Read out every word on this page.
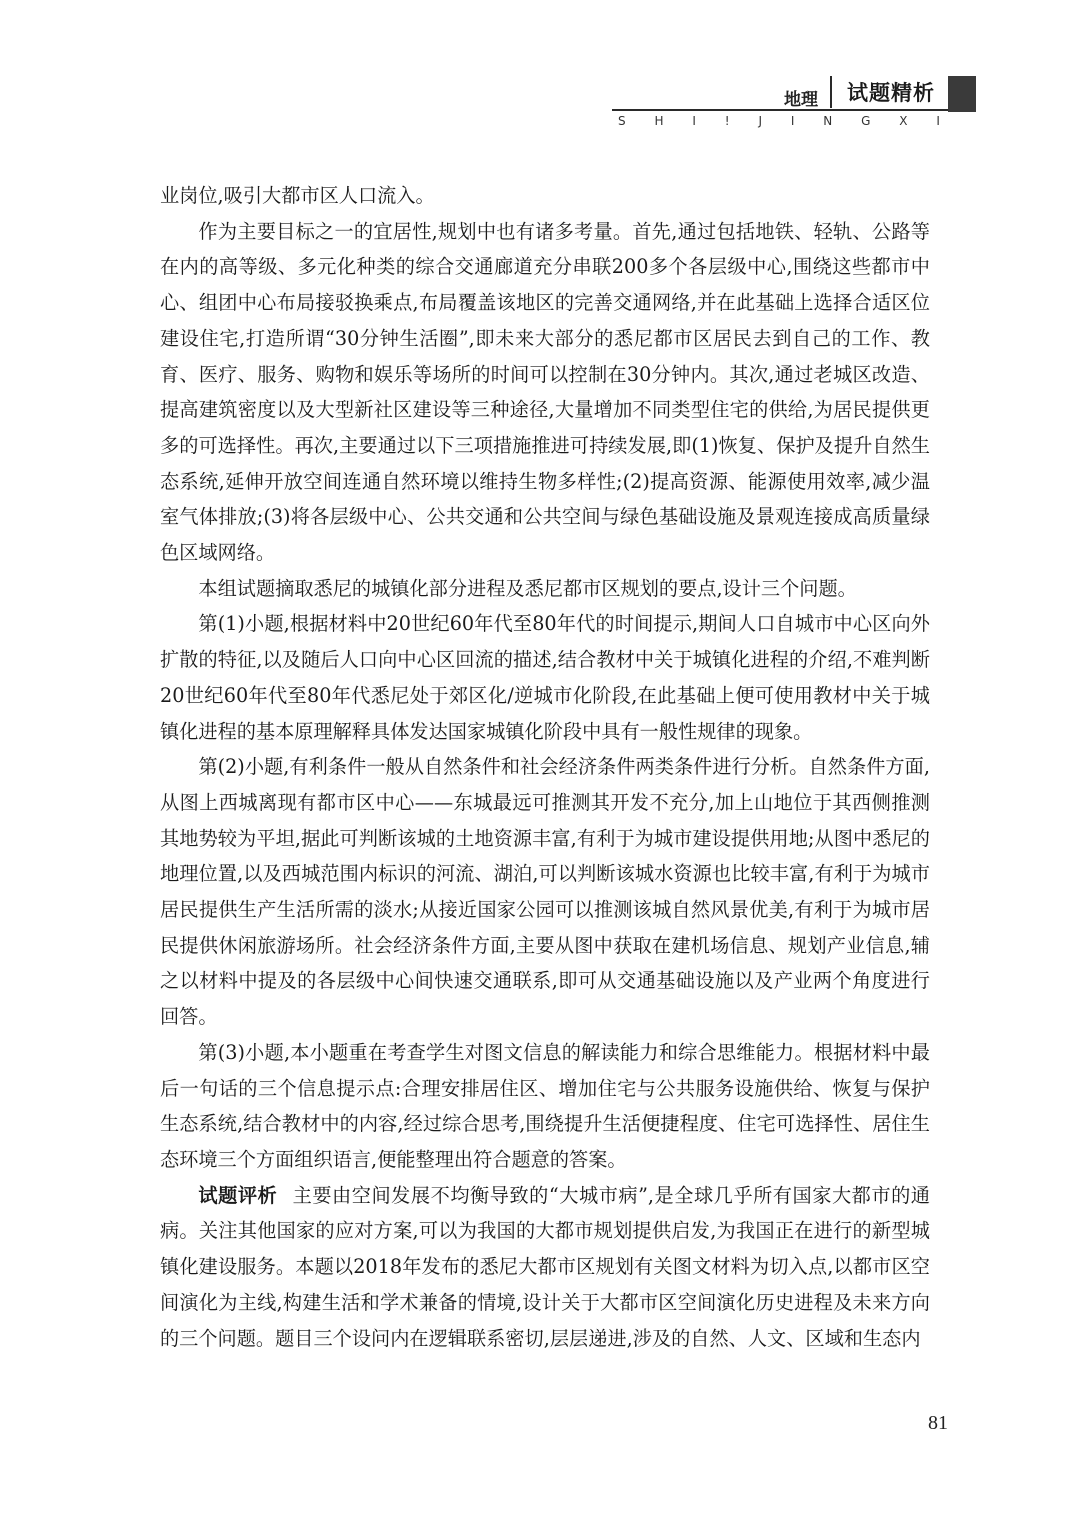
地理	试题精析
S H I ! J I N G X I

业岗位,吸引大都市区人口流入。

作为主要目标之一的宜居性,规划中也有诸多考量。首先,通过包括地铁、轻轨、公路等在内的高等级、多元化种类的综合交通廊道充分串联200多个各层级中心,围绕这些都市中心、组团中心布局接驳换乘点,布局覆盖该地区的完善交通网络,并在此基础上选择合适区位建设住宅,打造所谓“30分钟生活圈”,即未来大部分的悉尼都市区居民去到自己的工作、教育、医疗、服务、购物和娱乐等场所的时间可以控制在30分钟内。其次,通过老城区改造、提高建筑密度以及大型新社区建设等三种途径,大量增加不同类型住宅的供给,为居民提供更多的可选择性。再次,主要通过以下三项措施推进可持续发展,即(1)恢复、保护及提升自然生态系统,延伸开放空间连通自然环境以维持生物多样性;(2)提高资源、能源使用效率,减少温室气体排放;(3)将各层级中心、公共交通和公共空间与绿色基础设施及景观连接成高质量绿色区域网络。

本组试题摘取悉尼的城镇化部分进程及悉尼都市区规划的要点,设计三个问题。

第(1)小题,根据材料中20世纪60年代至80年代的时间提示,期间人口自城市中心区向外扩散的特征,以及随后人口向中心区回流的描述,结合教材中关于城镇化进程的介绍,不难判断20世纪60年代至80年代悉尼处于郊区化/逆城市化阶段,在此基础上便可使用教材中关于城镇化进程的基本原理解释具体发达国家城镇化阶段中具有一般性规律的现象。

第(2)小题,有利条件一般从自然条件和社会经济条件两类条件进行分析。自然条件方面,从图上西城离现有都市区中心——东城最远可推测其开发不充分,加上山地位于其西侧推测其地势较为平坦,据此可判断该城的土地资源丰富,有利于为城市建设提供用地;从图中悉尼的地理位置,以及西城范围内标识的河流、湖泊,可以判断该城水资源也比较丰富,有利于为城市居民提供生产生活所需的淡水;从接近国家公园可以推测该城自然风景优美,有利于为城市居民提供休闲旅游场所。社会经济条件方面,主要从图中获取在建机场信息、规划产业信息,辅之以材料中提及的各层级中心间快速交通联系,即可从交通基础设施以及产业两个角度进行回答。

第(3)小题,本小题重在考查学生对图文信息的解读能力和综合思维能力。根据材料中最后一句话的三个信息提示点:合理安排居住区、增加住宅与公共服务设施供给、恢复与保护生态系统,结合教材中的内容,经过综合思考,围绕提升生活便捷程度、住宅可选择性、居住生态环境三个方面组织语言,便能整理出符合题意的答案。

试题评析 主要由空间发展不均衡导致的“大城市病”,是全球几乎所有国家大都市的通病。关注其他国家的应对方案,可以为我国的大都市规划提供启发,为我国正在进行的新型城镇化建设服务。本题以2018年发布的悉尼大都市区规划有关图文材料为切入点,以都市区空间演化为主线,构建生活和学术兼备的情境,设计关于大都市区空间演化历史进程及未来方向的三个问题。题目三个设问内在逻辑联系密切,层层递进,涉及的自然、人文、区域和生态内

81
